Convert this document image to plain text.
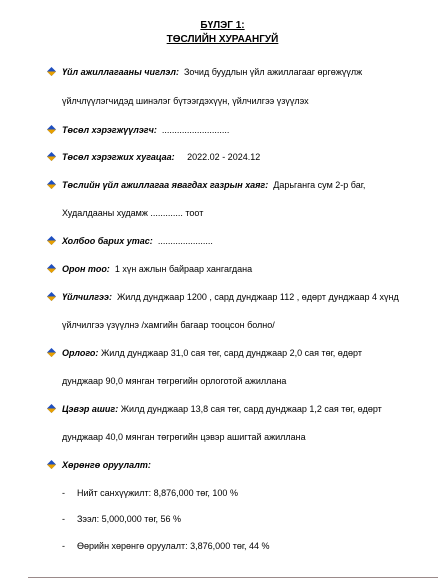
БҮЛЭГ 1:
ТӨСЛИЙН ХУРААНГУЙ
Үйл ажиллагааны чиглэл: Зочид буудлын үйл ажиллагааг өргөжүүлж
үйлчлүүлэгчидэд шинэлэг бүтээгдэхүүн, үйлчилгээ үзүүлэх
Төсөл хэрэгжүүлэгч: ...........................
Төсөл хэрэгжих хугацаа: 2022.02 - 2024.12
Төслийн үйл ажиллагаа явагдах газрын хаяг: Дарьганга сум 2-р баг,
Худалдааны худамж ............. тоот
Холбоо барих утас: ......................
Орон тоо: 1 хүн ажлын байраар хангагдана
Үйлчилгээ: Жилд дунджаар 1200 , сард дунджаар 112 , өдөрт дунджаар 4 хүнд
үйлчилгээ үзүүлнэ /хамгийн багаар тооцсон болно/
Орлого: Жилд дунджаар 31,0 сая төг, сард дунджаар 2,0 сая төг, өдөрт
дунджаар 90,0 мянган төгрөгийн орлоготой ажиллана
Цэвэр ашиг: Жилд дунджаар 13,8 сая төг, сард дунджаар 1,2 сая төг, өдөрт
дунджаар 40,0 мянган төгрөгийн цэвэр ашигтай ажиллана
Хөрөнгө оруулалт:
- Нийт санхүүжилт: 8,876,000 төг, 100 %
- Зээл: 5,000,000 төг, 56 %
- Өөрийн хөрөнгө оруулалт: 3,876,000 төг, 44 %
